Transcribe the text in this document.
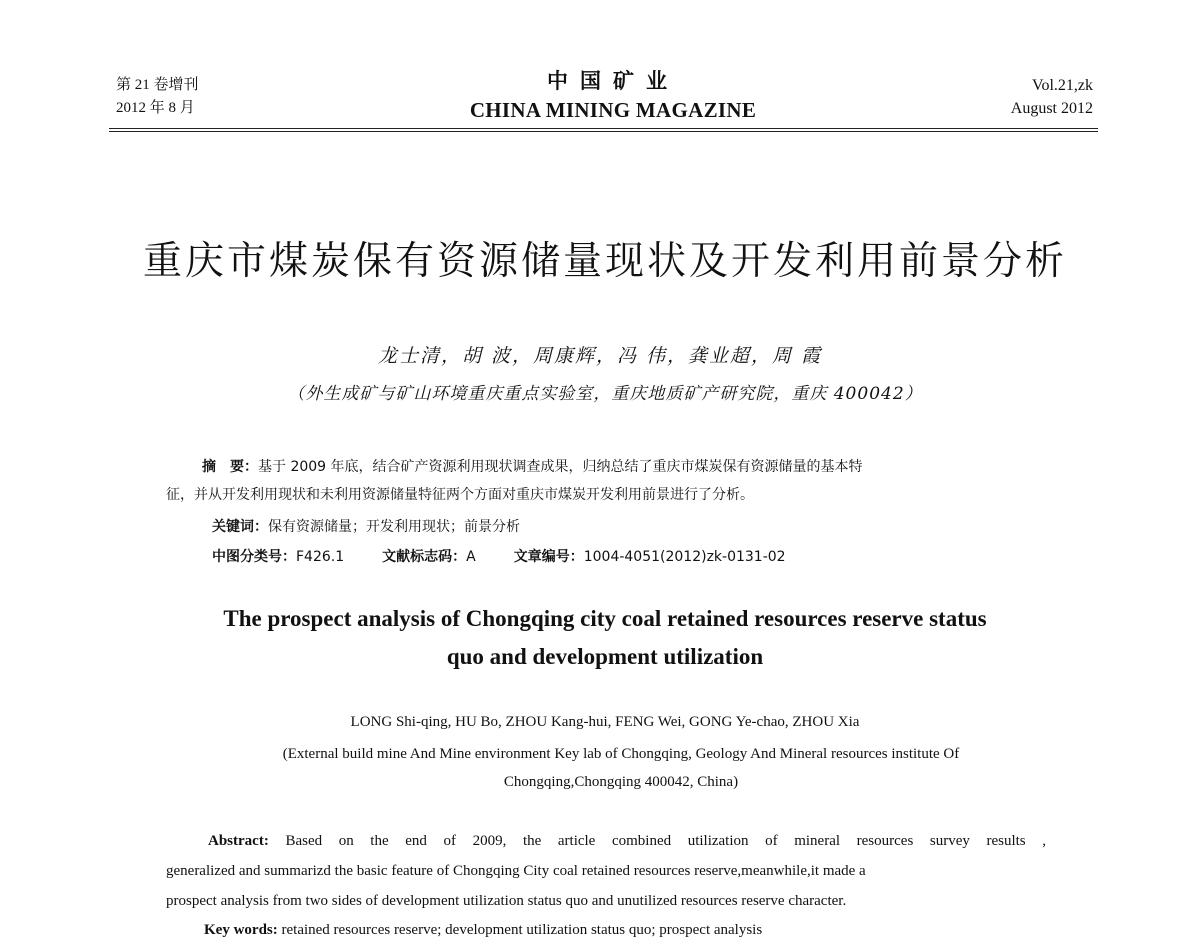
第 21 卷增刊
2012 年 8 月
中国矿业
CHINA MINING MAGAZINE
Vol.21,zk
August 2012
重庆市煤炭保有资源储量现状及开发利用前景分析
龙士清，胡 波，周康辉，冯 伟，龚业超，周 霞
（外生成矿与矿山环境重庆重点实验室，重庆地质矿产研究院，重庆 400042）
摘　要：基于 2009 年底，结合矿产资源利用现状调查成果，归纳总结了重庆市煤炭保有资源储量的基本特
征，并从开发利用现状和未利用资源储量特征两个方面对重庆市煤炭开发利用前景进行了分析。
关键词：保有资源储量；开发利用现状；前景分析
中图分类号：F426.1	文献标志码：A	文章编号：1004-4051(2012)zk-0131-02
The prospect analysis of Chongqing city coal retained resources reserve status
quo and development utilization
LONG Shi-qing, HU Bo, ZHOU Kang-hui, FENG Wei, GONG Ye-chao, ZHOU Xia
(External build mine And Mine environment Key lab of Chongqing, Geology And Mineral resources institute Of
Chongqing,Chongqing 400042, China)

Abstract: Based on the end of 2009, the article combined utilization of mineral resources survey results ,

generalized and summarizd the basic feature of Chongqing City coal retained resources reserve,meanwhile,it made a

prospect analysis from two sides of development utilization status quo and unutilized resources reserve character.

Key words: retained resources reserve; development utilization status quo; prospect analysis
